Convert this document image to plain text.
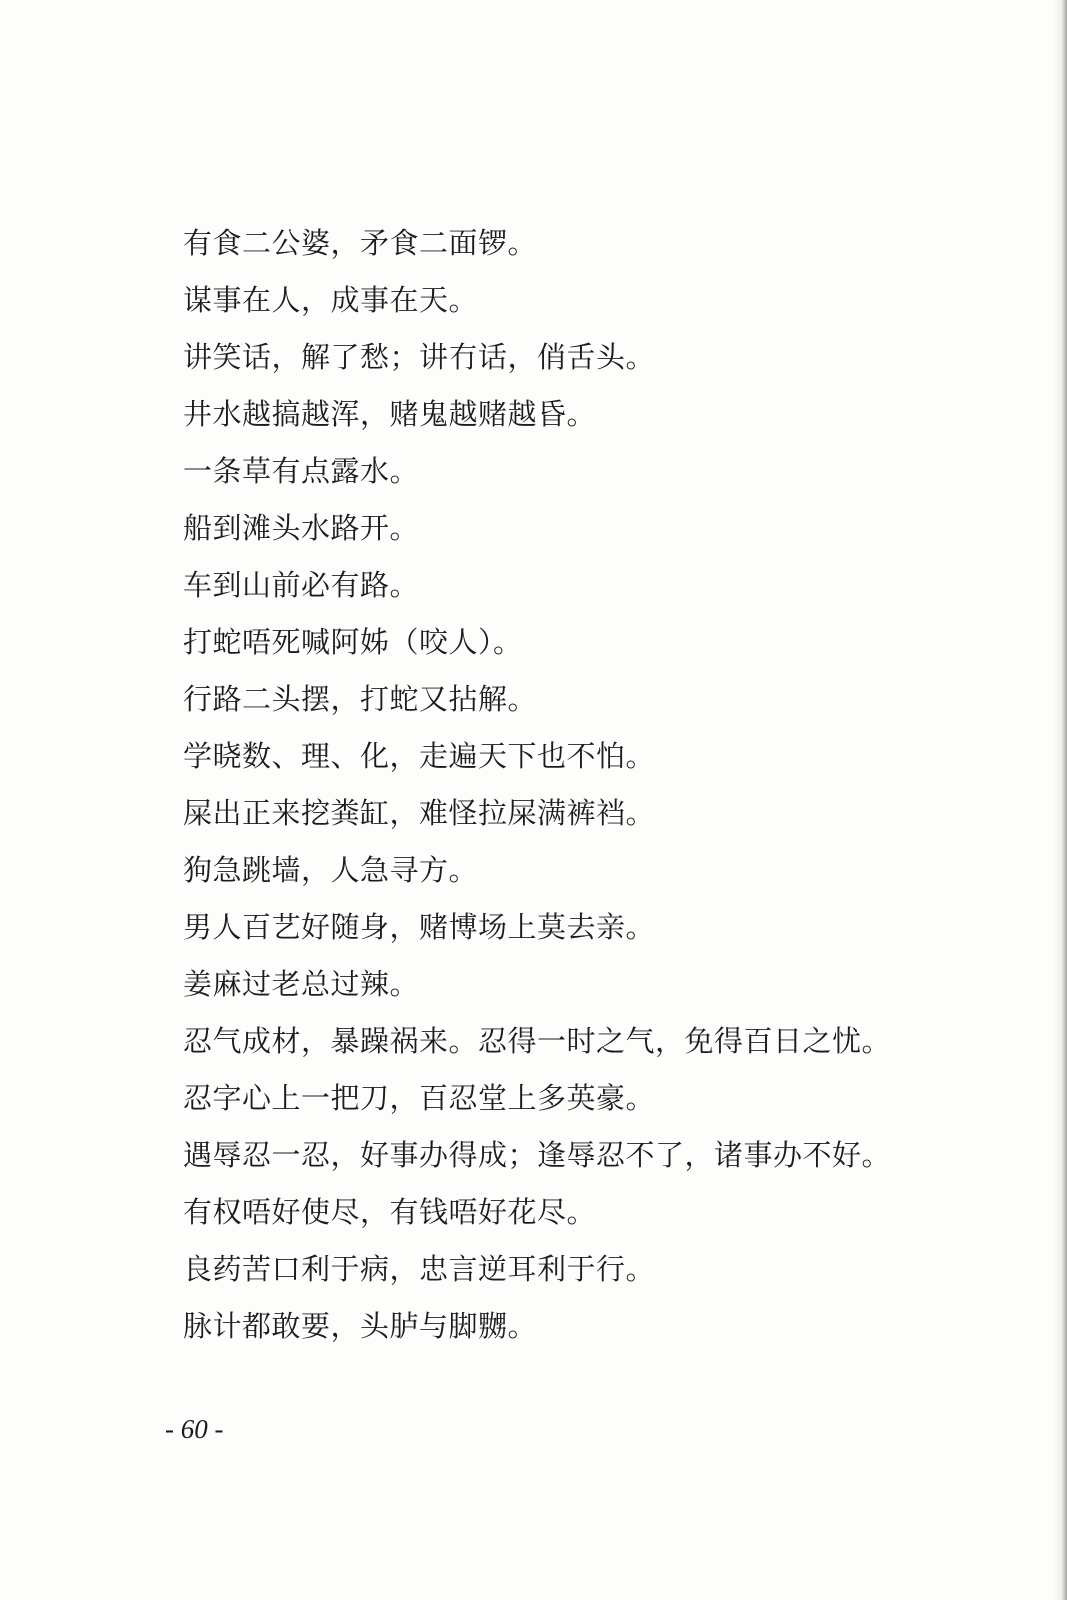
有食二公婆，矛食二面锣。
谋事在人，成事在天。
讲笑话，解了愁；讲冇话，俏舌头。
井水越搞越浑，赌鬼越赌越昏。
一条草有点露水。
船到滩头水路开。
车到山前必有路。
打蛇唔死喊阿姊（咬人）。
行路二头摆，打蛇又拈解。
学晓数、理、化，走遍天下也不怕。
屎出正来挖粪缸，难怪拉屎满裤裆。
狗急跳墙，人急寻方。
男人百艺好随身，赌博场上莫去亲。
姜麻过老总过辣。
忍气成材，暴躁祸来。忍得一时之气，免得百日之忧。
忍字心上一把刀，百忍堂上多英豪。
遇辱忍一忍，好事办得成；逢辱忍不了，诸事办不好。
有权唔好使尽，有钱唔好花尽。
良药苦口利于病，忠言逆耳利于行。
脉计都敢要，头胪与脚嬲。
- 60 -
